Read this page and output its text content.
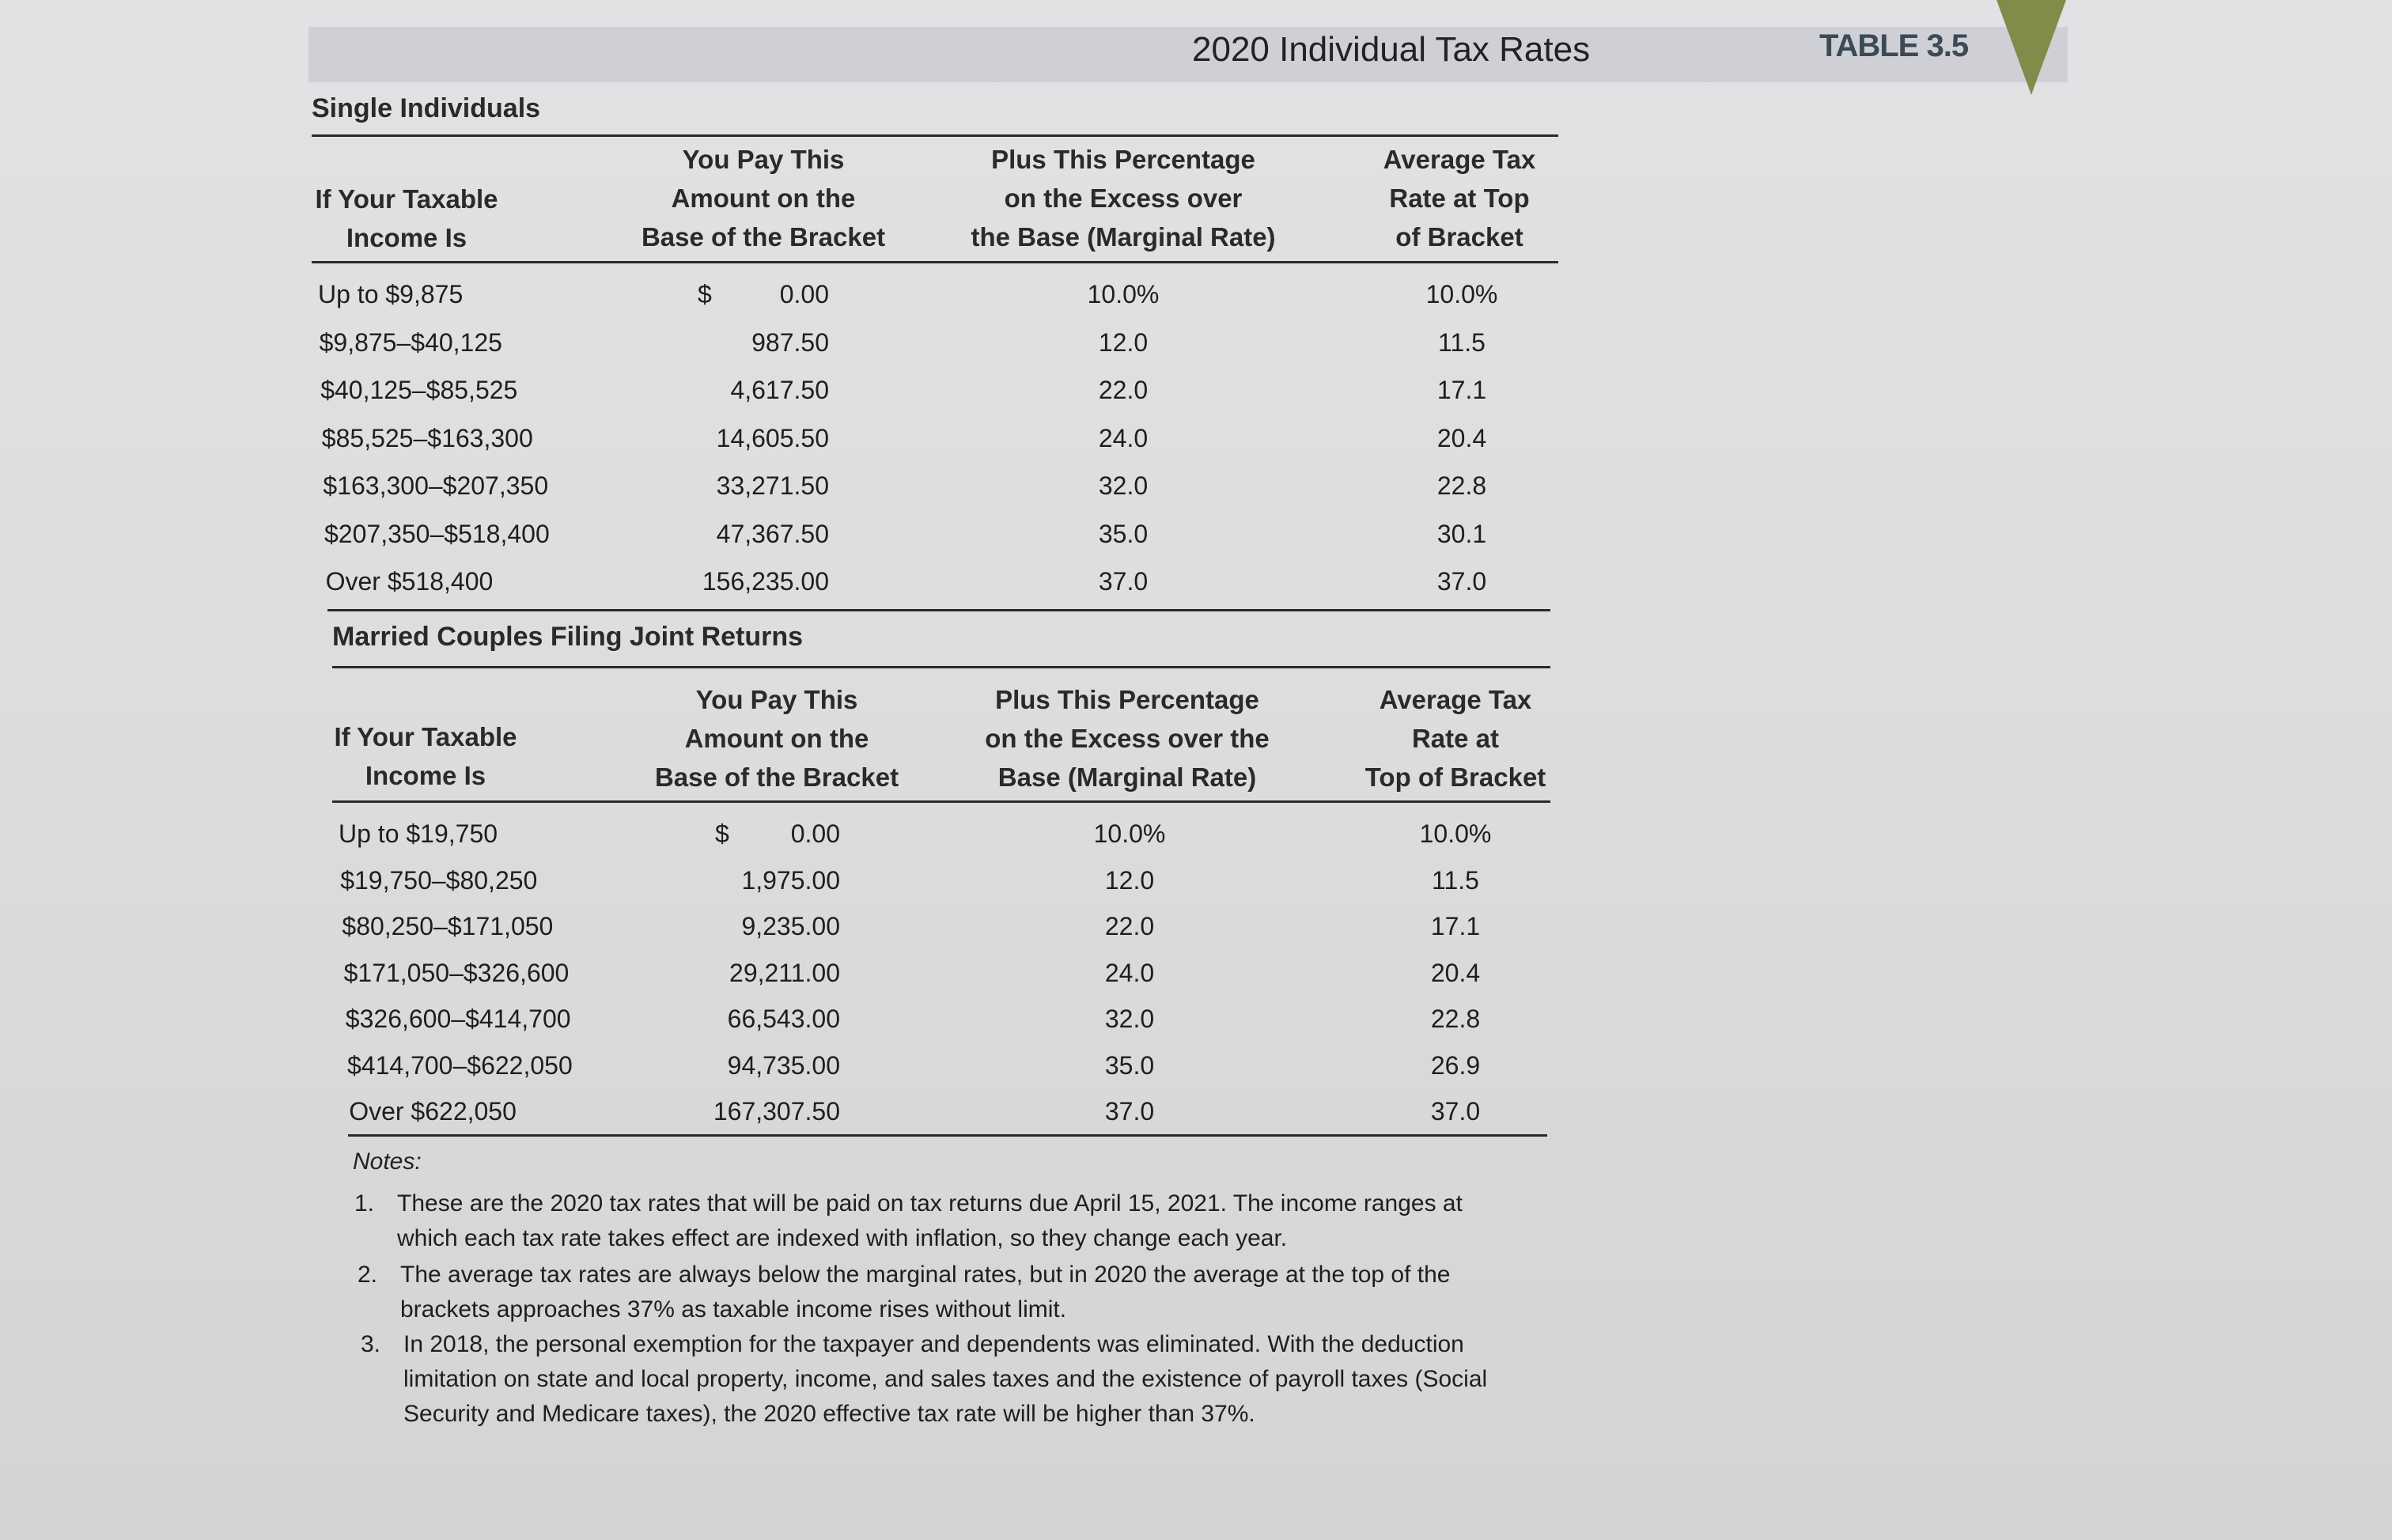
2020 Individual Tax Rates	TABLE 3.5
Single Individuals
If Your Taxable
Income Is
You Pay This
Amount on the
Base of the Bracket
Plus This Percentage
on the Excess over
the Base (Marginal Rate)
Average Tax
Rate at Top
of Bracket
Up to $9,875	$	0.00	10.0%	10.0%
$9,875–$40,125	987.50	12.0	11.5
$40,125–$85,525	4,617.50	22.0	17.1
$85,525–$163,300	14,605.50	24.0	20.4
$163,300–$207,350	33,271.50	32.0	22.8
$207,350–$518,400	47,367.50	35.0	30.1
Over $518,400	156,235.00	37.0	37.0
Married Couples Filing Joint Returns
If Your Taxable
Income Is
You Pay This
Amount on the
Base of the Bracket
Plus This Percentage
on the Excess over the
Base (Marginal Rate)
Average Tax
Rate at
Top of Bracket
Up to $19,750	$	0.00	10.0%	10.0%
$19,750–$80,250	1,975.00	12.0	11.5
$80,250–$171,050	9,235.00	22.0	17.1
$171,050–$326,600	29,211.00	24.0	20.4
$326,600–$414,700	66,543.00	32.0	22.8
$414,700–$622,050	94,735.00	35.0	26.9
Over $622,050	167,307.50	37.0	37.0
Notes:
1. These are the 2020 tax rates that will be paid on tax returns due April 15, 2021. The income ranges at
which each tax rate takes effect are indexed with inflation, so they change each year.
2. The average tax rates are always below the marginal rates, but in 2020 the average at the top of the
brackets approaches 37% as taxable income rises without limit.
3. In 2018, the personal exemption for the taxpayer and dependents was eliminated. With the deduction
limitation on state and local property, income, and sales taxes and the existence of payroll taxes (Social
Security and Medicare taxes), the 2020 effective tax rate will be higher than 37%.
